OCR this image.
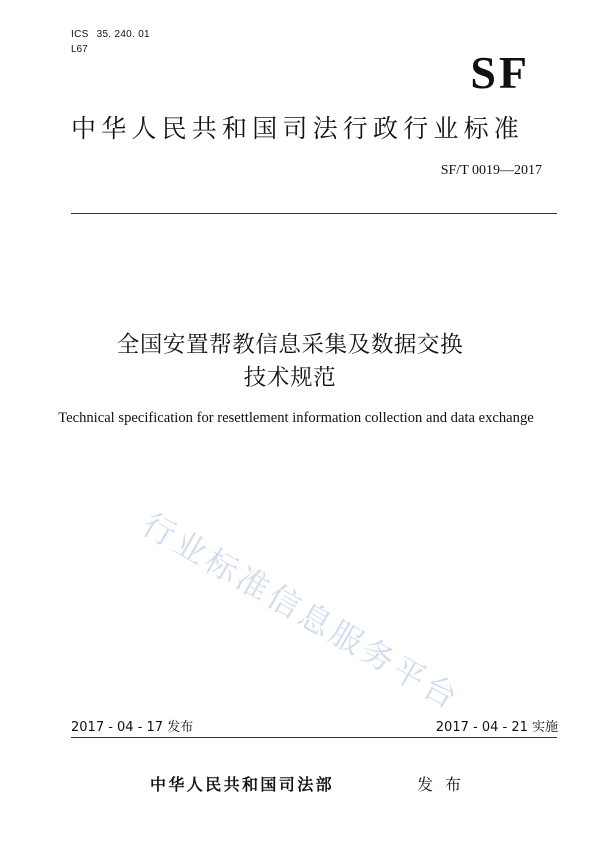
ICS 35. 240. 01
L67	SF
中华人民共和国司法行政行业标准
SF/T 0019—2017
全国安置帮教信息采集及数据交换
技术规范
Technical specification for resettlement information collection and data exchange
行业标准信息服务平台
2017 - 04 - 17 发布	2017 - 04 - 21 实施
中华人民共和国司法部	发布
